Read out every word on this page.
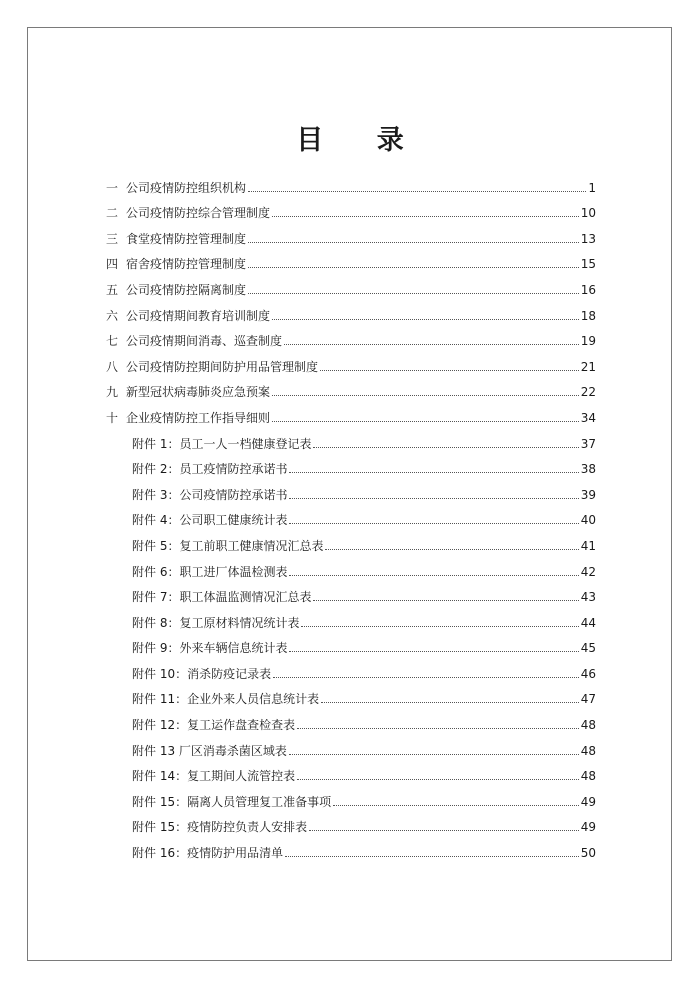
目 录
一 公司疫情防控组织机构	1
二 公司疫情防控综合管理制度	10
三 食堂疫情防控管理制度	13
四 宿舍疫情防控管理制度	15
五 公司疫情防控隔离制度	16
六 公司疫情期间教育培训制度	18
七 公司疫情期间消毒、巡查制度	19
八 公司疫情防控期间防护用品管理制度	21
九 新型冠状病毒肺炎应急预案	22
十 企业疫情防控工作指导细则	34
附件 1：员工一人一档健康登记表	37
附件 2：员工疫情防控承诺书	38
附件 3：公司疫情防控承诺书	39
附件 4：公司职工健康统计表	40
附件 5：复工前职工健康情况汇总表	41
附件 6：职工进厂体温检测表	42
附件 7：职工体温监测情况汇总表	43
附件 8：复工原材料情况统计表	44
附件 9：外来车辆信息统计表	45
附件 10：消杀防疫记录表	46
附件 11：企业外来人员信息统计表	47
附件 12：复工运作盘查检查表	48
附件 13 厂区消毒杀菌区域表	48
附件 14：复工期间人流管控表	48
附件 15：隔离人员管理复工准备事项	49
附件 15：疫情防控负责人安排表	49
附件 16：疫情防护用品清单	50
